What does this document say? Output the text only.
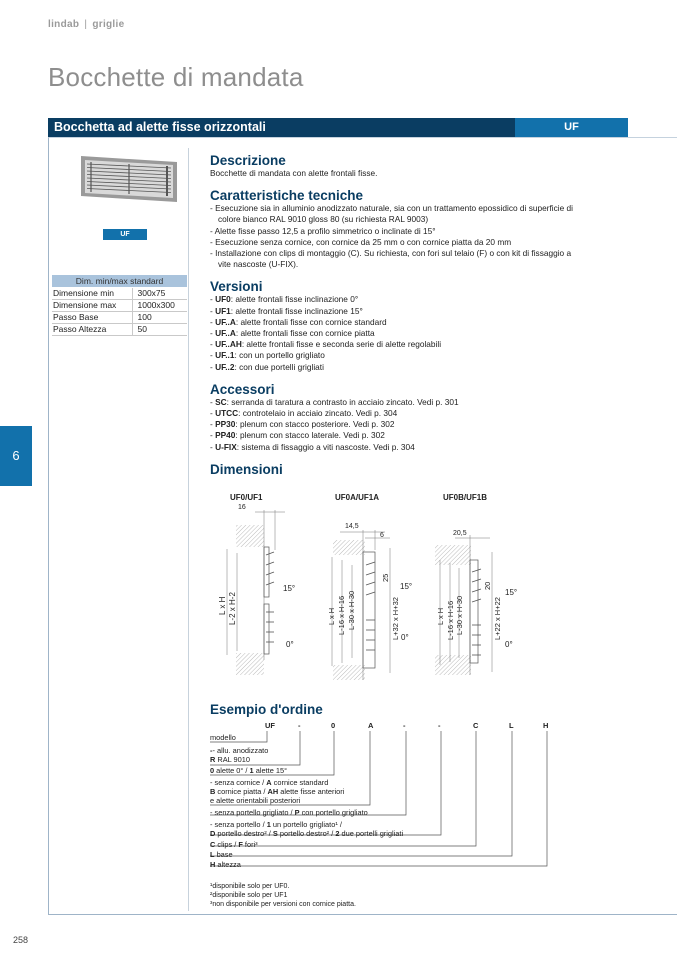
lindab | griglie
Bocchette di mandata
Bocchetta ad alette fisse orizzontali	UF
UF
Dim. min/max standard	
Dimensione min	300x75
Dimensione max	1000x300
Passo Base	100
Passo Altezza	50
6
Descrizione
Bocchette di mandata con alette frontali fisse.
Caratteristiche tecniche
- Esecuzione sia in alluminio anodizzato naturale, sia con un trattamento epossidico di superficie di
colore bianco RAL 9010 gloss 80 (su richiesta RAL 9003)
- Alette fisse passo 12,5 a profilo simmetrico o inclinate di 15°
- Esecuzione senza cornice, con cornice da 25 mm o con cornice piatta da 20 mm
- Installazione con clips di montaggio (C). Su richiesta, con fori sul telaio (F) o con kit di fissaggio a
vite nascoste (U-FIX).
Versioni
- UF0: alette frontali fisse inclinazione 0°
- UF1: alette frontali fisse inclinazione 15°
- UF..A: alette frontali fisse con cornice standard
- UF..A: alette frontali fisse con cornice piatta
- UF..AH: alette frontali fisse e seconda serie di alette regolabili
- UF..1: con un portello grigliato
- UF..2: con due portelli grigliati
Accessori
- SC: serranda di taratura a contrasto in acciaio zincato. Vedi p. 301
- UTCC: controtelaio in acciaio zincato. Vedi p. 304
- PP30: plenum con stacco posteriore. Vedi p. 302
- PP40: plenum con stacco laterale. Vedi p. 302
- U-FIX: sistema di fissaggio a viti nascoste. Vedi p. 304
Dimensioni
UF0/UF1	UF0A/UF1A	UF0B/UF1B
16
L x H L-2 x H-2
15°
0°
14,5
6
L x H L-16 x H-16 L-30 x H-30
25
L+32 x H+32
15°
0°
20,5
L x H L-16 x H-16 L-30 x H-30
20
L+22 x H+22
15°
0°
Esempio d'ordine
UF	-	0	A	-	-	C	L	H
modello
-- allu. anodizzato
R RAL 9010
0 alette 0° / 1 alette 15°
- senza cornice / A cornice standard
B cornice piatta / AH alette fisse anteriori
e alette orientabili posteriori
- senza portello grigliato / P con portello grigliato
- senza portello / 1 un portello grigliato¹ /
D portello destro² / S portello destro² / 2 due portelli grigliati
C clips / F fori³
L base
H altezza
¹disponibile solo per UF0.
²disponibile solo per UF1
³non disponibile per versioni con cornice piatta.
258
